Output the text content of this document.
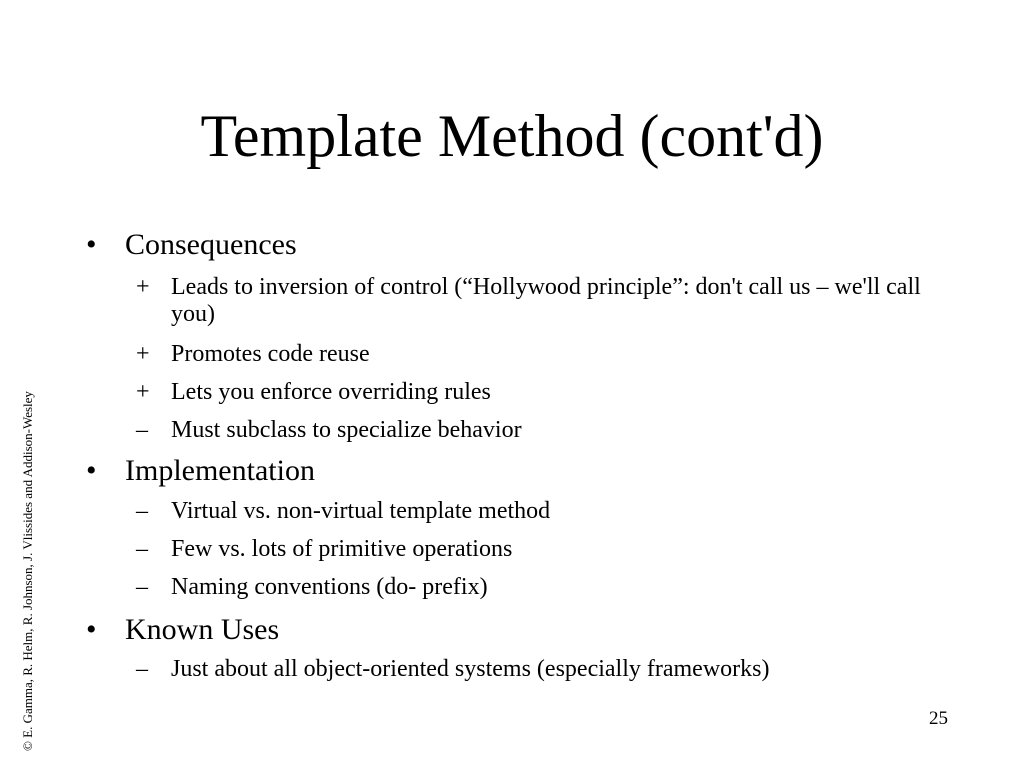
Template Method (cont'd)
• Consequences
+ Leads to inversion of control (“Hollywood principle”: don't call us – we'll call you)
+ Promotes code reuse
+ Lets you enforce overriding rules
– Must subclass to specialize behavior
• Implementation
– Virtual vs. non-virtual template method
– Few vs. lots of primitive operations
– Naming conventions (do- prefix)
• Known Uses
– Just about all object-oriented systems (especially frameworks)
© E. Gamma, R. Helm, R. Johnson, J. Vlissides and Addison-Wesley	25
